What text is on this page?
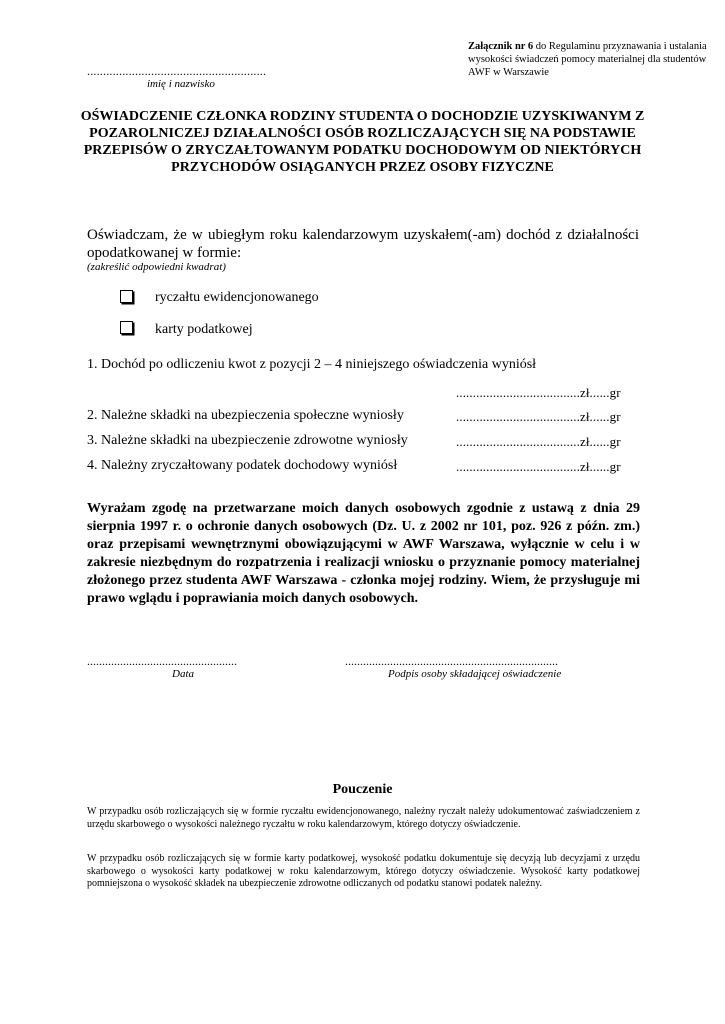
Załącznik nr 6 do Regulaminu przyznawania i ustalania wysokości świadczeń pomocy materialnej dla studentów AWF w Warszawie
........................................................
imię i nazwisko
OŚWIADCZENIE CZŁONKA RODZINY STUDENTA O DOCHODZIE UZYSKIWANYM Z POZAROLNICZEJ DZIAŁALNOŚCI OSÓB ROZLICZAJĄCYCH SIĘ NA PODSTAWIE PRZEPISÓW O ZRYCZAŁTOWANYM PODATKU DOCHODOWYM OD NIEKTÓRYCH PRZYCHODÓW OSIĄGANYCH PRZEZ OSOBY FIZYCZNE
Oświadczam, że w ubiegłym roku kalendarzowym uzyskałem(-am) dochód z działalności opodatkowanej w formie:
(zakreślić odpowiedni kwadrat)
ryczałtu ewidencjonowanego
karty podatkowej
1. Dochód po odliczeniu kwot z pozycji 2 – 4 niniejszego oświadczenia wyniósł
.....................................zł......gr
2. Należne składki na ubezpieczenia społeczne wyniosły	.....................................zł......gr
3. Należne składki na ubezpieczenie zdrowotne wyniosły	.....................................zł......gr
4. Należny zryczałtowany podatek dochodowy wyniósł	.....................................zł......gr
Wyrażam zgodę na przetwarzane moich danych osobowych zgodnie z ustawą z dnia 29 sierpnia 1997 r. o ochronie danych osobowych (Dz. U. z 2002 nr 101, poz. 926 z późn. zm.) oraz przepisami wewnętrznymi obowiązującymi w AWF Warszawa, wyłącznie w celu i w zakresie niezbędnym do rozpatrzenia i realizacji wniosku o przyznanie pomocy materialnej złożonego przez studenta AWF Warszawa - członka mojej rodziny. Wiem, że przysługuje mi prawo wglądu i poprawiania moich danych osobowych.
..................................................
Data
.......................................................................
Podpis osoby składającej oświadczenie
Pouczenie
W przypadku osób rozliczających się w formie ryczałtu ewidencjonowanego, należny ryczałt należy udokumentować zaświadczeniem z urzędu skarbowego o wysokości należnego ryczałtu w roku kalendarzowym, którego dotyczy oświadczenie.
W przypadku osób rozliczających się w formie karty podatkowej, wysokość podatku dokumentuje się decyzją lub decyzjami z urzędu skarbowego o wysokości karty podatkowej w roku kalendarzowym, którego dotyczy oświadczenie. Wysokość karty podatkowej pomniejszona o wysokość składek na ubezpieczenie zdrowotne odliczanych od podatku stanowi podatek należny.
